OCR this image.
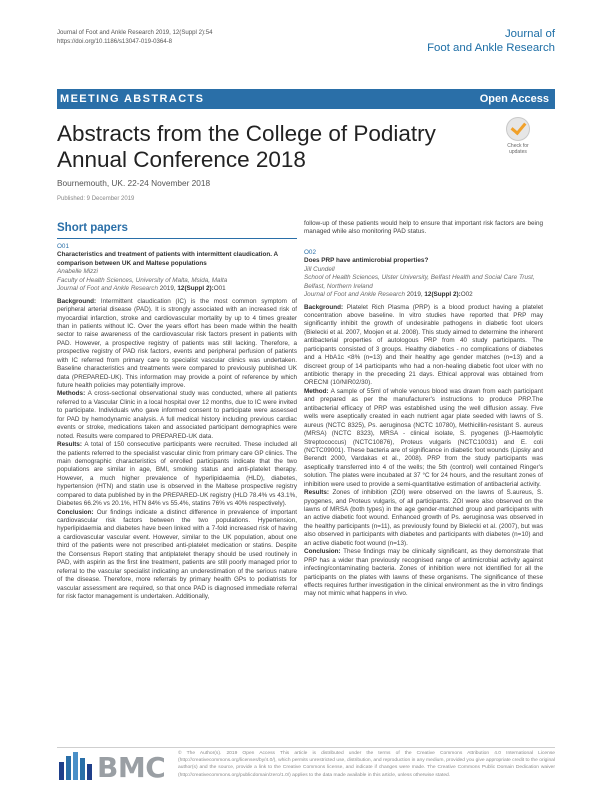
Journal of Foot and Ankle Research 2019, 12(Suppl 2):54
https://doi.org/10.1186/s13047-019-0364-8
Journal of
Foot and Ankle Research
MEETING ABSTRACTS	Open Access
Abstracts from the College of Podiatry
Annual Conference 2018
Check for
updates
Bournemouth, UK. 22-24 November 2018
Published: 9 December 2019
Short papers

O01

Characteristics and treatment of patients with intermittent claudication. A comparison between UK and Maltese populations

Anabelle Mizzi

Faculty of Health Sciences, University of Malta, Msida, Malta

Journal of Foot and Ankle Research 2019, 12(Suppl 2):O01

Background: Intermittent claudication (IC) is the most common symptom of peripheral arterial disease (PAD). It is strongly associated with an increased risk of myocardial infarction, stroke and cardiovascular mortality by up to 4 times greater than in patients without IC. Over the years effort has been made within the health sector to raise awareness of the cardiovascular risk factors present in patients with PAD. However, a prospective registry of patients was still lacking. Therefore, a prospective registry of PAD risk factors, events and peripheral perfusion of patients with IC referred from primary care to specialist vascular clinics was undertaken. Baseline characteristics and treatments were compared to previously published UK data (PREPARED-UK). This information may provide a point of reference by which future health policies may potentially improve.

Methods: A cross-sectional observational study was conducted, where all patients referred to a Vascular Clinic in a local hospital over 12 months, due to IC were invited to participate. Individuals who gave informed consent to participate were assessed for PAD by hemodynamic analysis. A full medical history including previous cardiac events or stroke, medications taken and associated participant demographics were noted. Results were compared to PREPARED-UK data.

Results: A total of 150 consecutive participants were recruited. These included all the patients referred to the specialist vascular clinic from primary care GP clinics. The main demographic characteristics of enrolled participants indicate that the two populations are similar in age, BMI, smoking status and anti-platelet therapy. However, a much higher prevalence of hyperlipidaemia (HLD), diabetes, hypertension (HTN) and statin use is observed in the Maltese prospective registry compared to data published by in the PREPARED-UK registry (HLD 78.4% vs 43.1%, Diabetes 66.2% vs 20.1%, HTN 84% vs 55.4%, statins 76% vs 40% respectively).

Conclusion: Our findings indicate a distinct difference in prevalence of important cardiovascular risk factors between the two populations. Hypertension, hyperlipidaemia and diabetes have been linked with a 7-fold increased risk of having a cardiovascular vascular event. However, similar to the UK population, about one third of the patients were not prescribed anti-platelet medication or statins. Despite the Consensus Report stating that antiplatelet therapy should be used routinely in PAD, with aspirin as the first line treatment, patients are still poorly managed prior to referral to the vascular specialist indicating an underestimation of the serious nature of the disease. Therefore, more referrals by primary health GPs to podiatrists for vascular assessment are required, so that once PAD is diagnosed immediate referral for risk factor management is undertaken. Additionally,

follow-up of these patients would help to ensure that important risk factors are being managed while also monitoring PAD status.

O02

Does PRP have antimicrobial properties?

Jill Cundell

School of Health Sciences, Ulster University, Belfast Health and Social Care Trust, Belfast, Northern Ireland

Journal of Foot and Ankle Research 2019, 12(Suppl 2):O02

Background: Platelet Rich Plasma (PRP) is a blood product having a platelet concentration above baseline. In vitro studies have reported that PRP may significantly inhibit the growth of undesirable pathogens in diabetic foot ulcers (Bielecki et al. 2007, Moojen et al. 2008). This study aimed to determine the inherent antibacterial properties of autologous PRP from 40 study participants. The participants consisted of 3 groups. Healthy diabetics - no complications of diabetes and a HbA1c <8% (n=13) and their healthy age gender matches (n=13) and a discreet group of 14 participants who had a non-healing diabetic foot ulcer with no antibiotic therapy in the preceding 21 days. Ethical approval was obtained from ORECNI (10/NIR02/30).

Method: A sample of 55ml of whole venous blood was drawn from each participant and prepared as per the manufacturer's instructions to produce PRP.The antibacterial efficacy of PRP was established using the well diffusion assay. Five wells were aseptically created in each nutrient agar plate seeded with lawns of S. aureus (NCTC 8325), Ps. aeruginosa (NCTC 10780), Methicillin-resistant S. aureus (MRSA) (NCTC 8323), MRSA - clinical isolate, S. pyogenes (β-Haemolytic Streptococcus) (NCTC10876), Proteus vulgaris (NCTC10031) and E. coli (NCTC09001). These bacteria are of significance in diabetic foot wounds (Lipsky and Berendt 2000, Vardakas et al., 2008). PRP from the study participants was aseptically transferred into 4 of the wells; the 5th (control) well contained Ringer's solution. The plates were incubated at 37 °C for 24 hours, and the resultant zones of inhibition were used to provide a semi-quantitative estimation of antibacterial activity.

Results: Zones of inhibition (ZOI) were observed on the lawns of S.aureus, S. pyogenes, and Proteus vulgaris, of all participants. ZOI were also observed on the lawns of MRSA (both types) in the age gender-matched group and participants with an active diabetic foot wound. Enhanced growth of Ps. aeruginosa was observed in the healthy participants (n=11), as previously found by Bielecki et al. (2007), but was also observed in participants with diabetes and participants with diabetes (n=10) and an active diabetic foot wound (n=13).

Conclusion: These findings may be clinically significant, as they demonstrate that PRP has a wider than previously recognised range of antimicrobial activity against infecting/contaminating bacteria. Zones of inhibition were not identified for all the participants on the plates with lawns of these organisms. The significance of these effects requires further investigation in the clinical environment as the in vitro findings may not mimic what happens in vivo.

BMC	© The Author(s). 2019 Open Access This article is distributed under the terms of the Creative Commons Attribution 4.0 International License (http://creativecommons.org/licenses/by/4.0/), which permits unrestricted use, distribution, and reproduction in any medium, provided you give appropriate credit to the original author(s) and the source, provide a link to the Creative Commons license, and indicate if changes were made. The Creative Commons Public Domain Dedication waiver (http://creativecommons.org/publicdomain/zero/1.0/) applies to the data made available in this article, unless otherwise stated.
